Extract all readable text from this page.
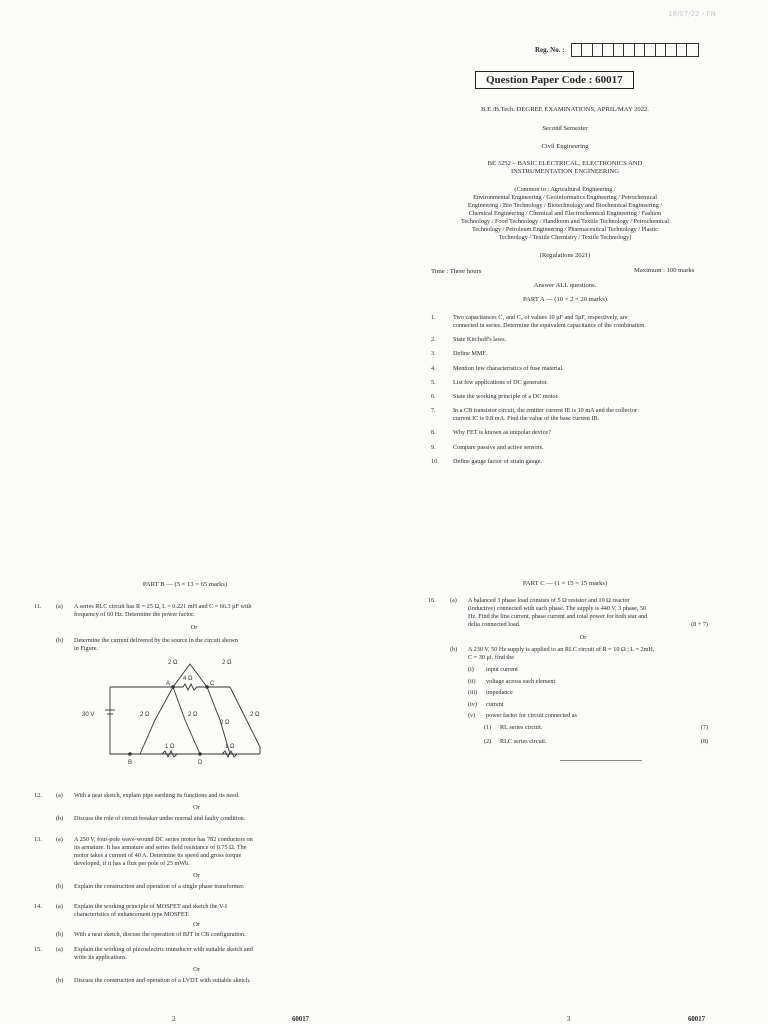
18/07/22 - FN
Reg. No. :
Question Paper Code : 60017
B.E./B.Tech. DEGREE EXAMINATIONS, APRIL/MAY 2022.
Second Semester
Civil Engineering
BE 3252 – BASIC ELECTRICAL, ELECTRONICS AND
INSTRUMENTATION ENGINEERING
(Common to : Agricultural Engineering /
Environmental Engineering / Geoinformatics Engineering / Petrochemical
Engineering / Bio Technology / Biotechnology and Biochemical Engineering /
Chemical Engineering / Chemical and Electrochemical Engineering / Fashion
Technology / Food Technology / Handloom and Textile Technology / Petrochemical
Technology / Petroleum Engineering / Pharmaceutical Technology / Plastic
Technology / Textile Chemistry / Textile Technology)
(Regulations 2021)
Time : Three hours	Maximum : 100 marks
Answer ALL questions.
PART A — (10 × 2 = 20 marks)
1.	Two capacitances C₁ and C₂ of values 10 μF and 5μF, respectively, are
connected in series. Determine the equivalent capacitance of the combination.
2.	State Kirchoff's laws.
3.	Define MMF.
4.	Mention few characteristics of fuse material.
5.	List few applications of DC generator.
6.	State the working principle of a DC motor.
7.	In a CB transistor circuit, the emitter current IE is 10 mA and the collector
current IC is 9.8 mA. Find the value of the base current IB.
8.	Why FET is known as unipolar device?
9.	Compare passive and active sensors.
10.	Define gauge factor of strain gauge.
PART B — (5 × 13 = 65 marks)
11.	(a)	A series RLC circuit has R = 25 Ω, L = 0.221 mH and C = 66.3 μF with
frequency of 60 Hz. Determine the power factor.
Or
(b)	Determine the current delivered by the source in the circuit shown
in Figure.
A	C
B	D
30 V
2 Ω	2 Ω
4 Ω
2 Ω	2 Ω
2 Ω
2 Ω
1 Ω	1 Ω
12.	(a)	With a neat sketch, explain pipe earthing its functions and its need.
Or
(b)	Discuss the role of circuit breaker under normal and faulty condition.
13.	(a)	A 250 V, four-pole wave-wound DC series motor has 782 conductors on
its armature. It has armature and series field resistance of 0.75 Ω. The
motor takes a current of 40 A. Determine its speed and gross torque
developed, if it has a flux per pole of 25 mWb.
Or
(b)	Explain the construction and operation of a single phase transformer.
14.	(a)	Explain the working principle of MOSFET and sketch the V-I
characteristics of enhancement type MOSFET.
Or
(b)	With a neat sketch, discuss the operation of BJT in CB configuration.
15.	(a)	Explain the working of piezoelectric transducer with suitable sketch and
write its applications.
Or
(b)	Discuss the construction and operation of a LVDT with suitable sketch.
2	60017
PART C — (1 × 15 = 15 marks)
16.	(a)	A balanced 3 phase load consists of 5 Ω resistor and 10 Ω reactor
(inductive) connected with each phase. The supply is 440 V, 3 phase, 50
Hz. Find the line current, phase current and total power for both star and
delta connected load.	(8 + 7)
Or
(b)	A 230 V, 50 Hz supply is applied to an RLC circuit of R = 10 Ω ; L = 2mH,
C = 30 μf. find the
(i)	input current
(ii)	voltage across each element
(iii)	impedance
(iv)	current
(v)	power factor for circuit connected as
(1)	RL series circuit.	(7)
(2)	RLC series circuit.	(8)
3	60017
